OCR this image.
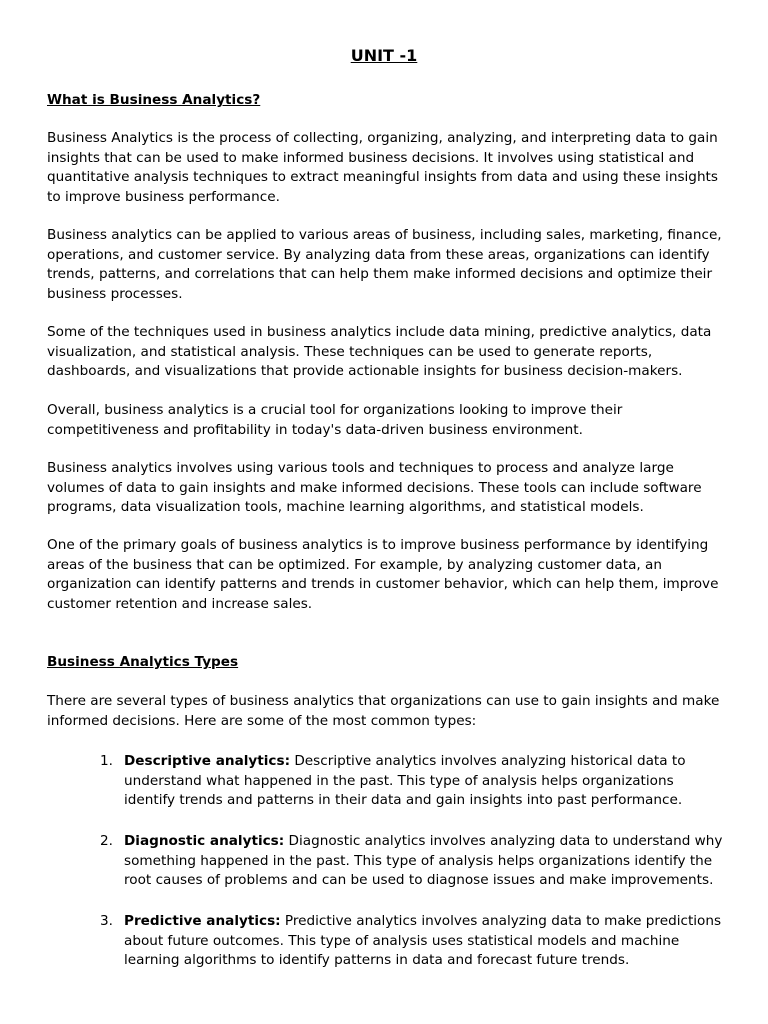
UNIT -1

What is Business Analytics?

Business Analytics is the process of collecting, organizing, analyzing, and interpreting data to gain insights that can be used to make informed business decisions. It involves using statistical and quantitative analysis techniques to extract meaningful insights from data and using these insights to improve business performance.

Business analytics can be applied to various areas of business, including sales, marketing, finance, operations, and customer service. By analyzing data from these areas, organizations can identify trends, patterns, and correlations that can help them make informed decisions and optimize their business processes.

Some of the techniques used in business analytics include data mining, predictive analytics, data visualization, and statistical analysis. These techniques can be used to generate reports, dashboards, and visualizations that provide actionable insights for business decision-makers.

Overall, business analytics is a crucial tool for organizations looking to improve their competitiveness and profitability in today's data-driven business environment.

Business analytics involves using various tools and techniques to process and analyze large volumes of data to gain insights and make informed decisions. These tools can include software programs, data visualization tools, machine learning algorithms, and statistical models.

One of the primary goals of business analytics is to improve business performance by identifying areas of the business that can be optimized. For example, by analyzing customer data, an organization can identify patterns and trends in customer behavior, which can help them, improve customer retention and increase sales.

Business Analytics Types

There are several types of business analytics that organizations can use to gain insights and make informed decisions. Here are some of the most common types:

1. Descriptive analytics: Descriptive analytics involves analyzing historical data to understand what happened in the past. This type of analysis helps organizations identify trends and patterns in their data and gain insights into past performance.
2. Diagnostic analytics: Diagnostic analytics involves analyzing data to understand why something happened in the past. This type of analysis helps organizations identify the root causes of problems and can be used to diagnose issues and make improvements.
3. Predictive analytics: Predictive analytics involves analyzing data to make predictions about future outcomes. This type of analysis uses statistical models and machine learning algorithms to identify patterns in data and forecast future trends.
